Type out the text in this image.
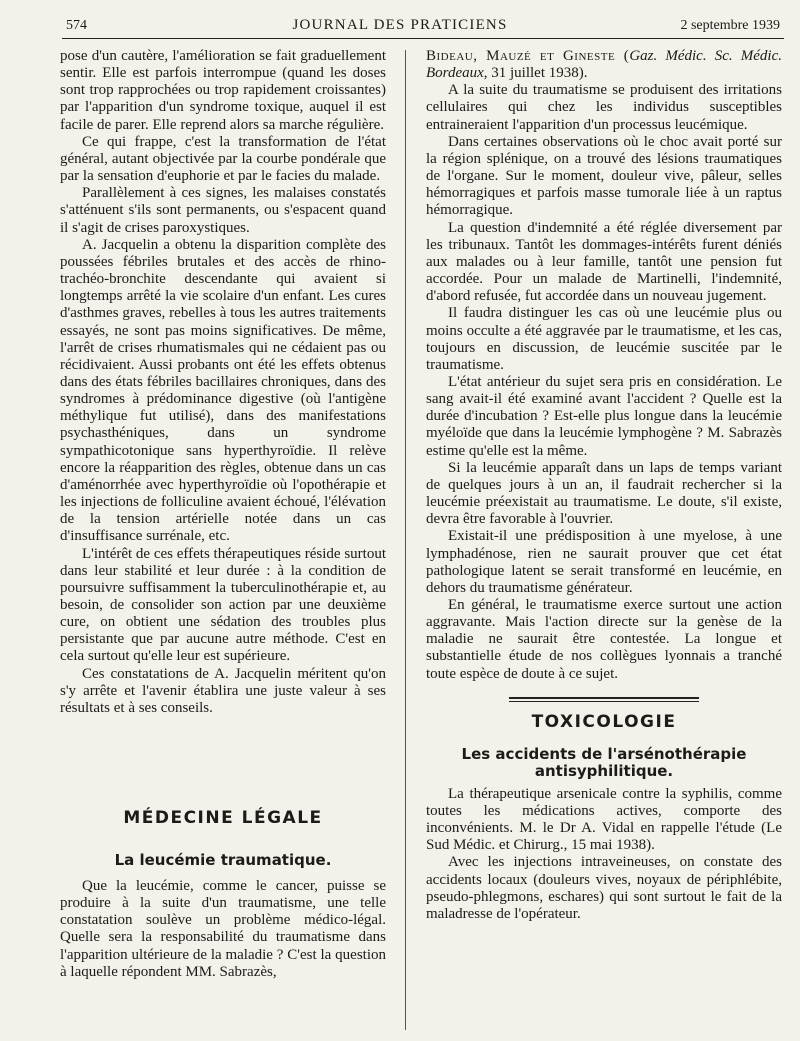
574	JOURNAL DES PRATICIENS	2 septembre 1939

pose d'un cautère, l'amélioration se fait graduellement sentir. Elle est parfois interrompue (quand les doses sont trop rapprochées ou trop rapidement croissantes) par l'apparition d'un syndrome toxique, auquel il est facile de parer. Elle reprend alors sa marche régulière.

Ce qui frappe, c'est la transformation de l'état général, autant objectivée par la courbe pondérale que par la sensation d'euphorie et par le facies du malade.

Parallèlement à ces signes, les malaises constatés s'atténuent s'ils sont permanents, ou s'espacent quand il s'agit de crises paroxystiques.

A. Jacquelin a obtenu la disparition complète des poussées fébriles brutales et des accès de rhino-trachéo-bronchite descendante qui avaient si longtemps arrêté la vie scolaire d'un enfant. Les cures d'asthmes graves, rebelles à tous les autres traitements essayés, ne sont pas moins significatives. De même, l'arrêt de crises rhumatismales qui ne cédaient pas ou récidivaient. Aussi probants ont été les effets obtenus dans des états fébriles bacillaires chroniques, dans des syndromes à prédominance digestive (où l'antigène méthylique fut utilisé), dans des manifestations psychasthéniques, dans un syndrome sympathicotonique sans hyperthyroïdie. Il relève encore la réapparition des règles, obtenue dans un cas d'aménorrhée avec hyperthyroïdie où l'opothérapie et les injections de folliculine avaient échoué, l'élévation de la tension artérielle notée dans un cas d'insuffisance surrénale, etc.

L'intérêt de ces effets thérapeutiques réside surtout dans leur stabilité et leur durée : à la condition de poursuivre suffisamment la tuberculinothérapie et, au besoin, de consolider son action par une deuxième cure, on obtient une sédation des troubles plus persistante que par aucune autre méthode. C'est en cela surtout qu'elle leur est supérieure.

Ces constatations de A. Jacquelin méritent qu'on s'y arrête et l'avenir établira une juste valeur à ses résultats et à ses conseils.

MÉDECINE LÉGALE
La leucémie traumatique.

Que la leucémie, comme le cancer, puisse se produire à la suite d'un traumatisme, une telle constatation soulève un problème médico-légal. Quelle sera la responsabilité du traumatisme dans l'apparition ultérieure de la maladie ? C'est la question à laquelle répondent MM. Sabrazès,

Bideau, Mauzé et Gineste (Gaz. Médic. Sc. Médic. Bordeaux, 31 juillet 1938).

A la suite du traumatisme se produisent des irritations cellulaires qui chez les individus susceptibles entraineraient l'apparition d'un processus leucémique.

Dans certaines observations où le choc avait porté sur la région splénique, on a trouvé des lésions traumatiques de l'organe. Sur le moment, douleur vive, pâleur, selles hémorragiques et parfois masse tumorale liée à un raptus hémorragique.

La question d'indemnité a été réglée diversement par les tribunaux. Tantôt les dommages-intérêts furent déniés aux malades ou à leur famille, tantôt une pension fut accordée. Pour un malade de Martinelli, l'indemnité, d'abord refusée, fut accordée dans un nouveau jugement.

Il faudra distinguer les cas où une leucémie plus ou moins occulte a été aggravée par le traumatisme, et les cas, toujours en discussion, de leucémie suscitée par le traumatisme.

L'état antérieur du sujet sera pris en considération. Le sang avait-il été examiné avant l'accident ? Quelle est la durée d'incubation ? Est-elle plus longue dans la leucémie myéloïde que dans la leucémie lymphogène ? M. Sabrazès estime qu'elle est la même.

Si la leucémie apparaît dans un laps de temps variant de quelques jours à un an, il faudrait rechercher si la leucémie préexistait au traumatisme. Le doute, s'il existe, devra être favorable à l'ouvrier.

Existait-il une prédisposition à une myelose, à une lymphadénose, rien ne saurait prouver que cet état pathologique latent se serait transformé en leucémie, en dehors du traumatisme générateur.

En général, le traumatisme exerce surtout une action aggravante. Mais l'action directe sur la genèse de la maladie ne saurait être contestée. La longue et substantielle étude de nos collègues lyonnais a tranché toute espèce de doute à ce sujet.

TOXICOLOGIE
Les accidents de l'arsénothérapie antisyphilitique.

La thérapeutique arsenicale contre la syphilis, comme toutes les médications actives, comporte des inconvénients. M. le Dr A. Vidal en rappelle l'étude (Le Sud Médic. et Chirurg., 15 mai 1938).

Avec les injections intraveineuses, on constate des accidents locaux (douleurs vives, noyaux de périphlébite, pseudo-phlegmons, eschares) qui sont surtout le fait de la maladresse de l'opérateur.
